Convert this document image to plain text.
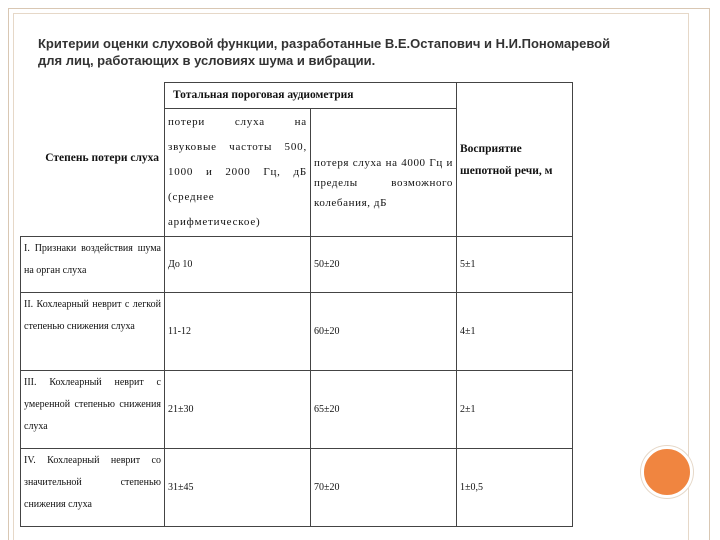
Критерии оценки слуховой функции, разработанные В.Е.Остапович и Н.И.Пономаревой
для лиц, работающих в условиях шума и вибрации.
Степень потери слуха	Тотальная пороговая аудиометрия		Восприятие шепотной речи, м
	потери слуха на звуковые частоты 500, 1000 и 2000 Гц, дБ (среднее арифметическое)	потеря слуха на 4000 Гц и пределы возможного колебания, дБ	
I. Признаки воздействия шума на орган слуха	До 10	50±20	5±1
II. Кохлеарный неврит с легкой степенью снижения слуха	11-12	60±20	4±1
III. Кохлеарный неврит с умеренной степенью снижения слуха	21±30	65±20	2±1
IV. Кохлеарный неврит со значительной степенью снижения слуха	31±45	70±20	1±0,5
